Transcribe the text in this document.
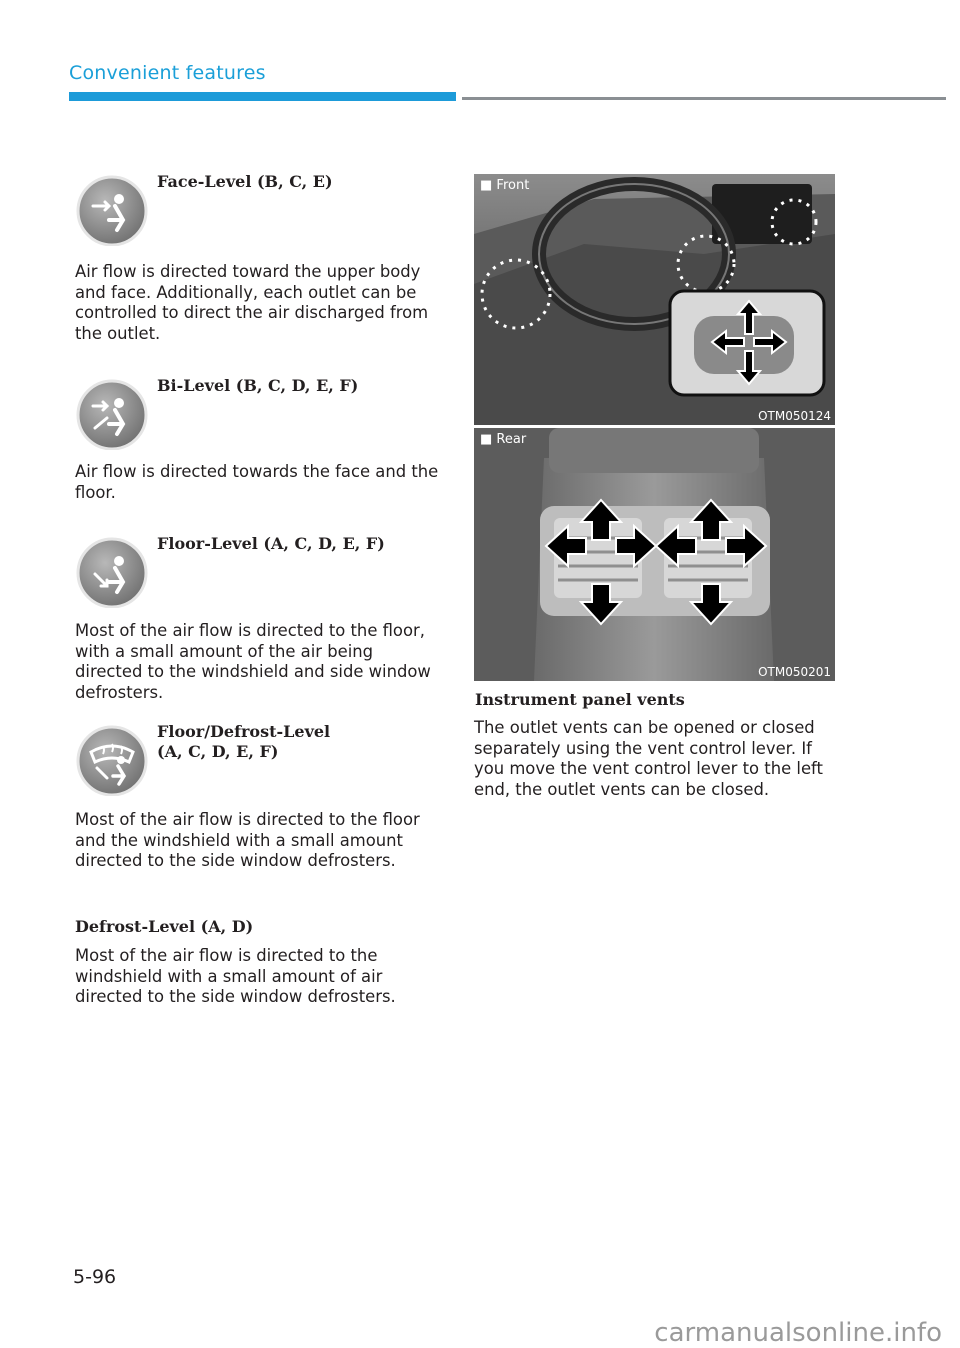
Convenient features
Face-Level (B, C, E)
Air flow is directed toward the upper body and face. Additionally, each outlet can be controlled to direct the air discharged from the outlet.
Bi-Level (B, C, D, E, F)
Air flow is directed towards the face and the floor.
Floor-Level (A, C, D, E, F)
Most of the air flow is directed to the floor, with a small amount of the air being directed to the windshield and side window defrosters.
Floor/Defrost-Level
(A, C, D, E, F)
Most of the air flow is directed to the floor and the windshield with a small amount directed to the side window defrosters.
Defrost-Level (A, D)
Most of the air flow is directed to the windshield with a small amount of air directed to the side window defrosters.
■ Front
OTM050124
■ Rear
OTM050201
Instrument panel vents
The outlet vents can be opened or closed separately using the vent control lever. If you move the vent control lever to the left end, the outlet vents can be closed.
5-96
carmanualsonline.info
